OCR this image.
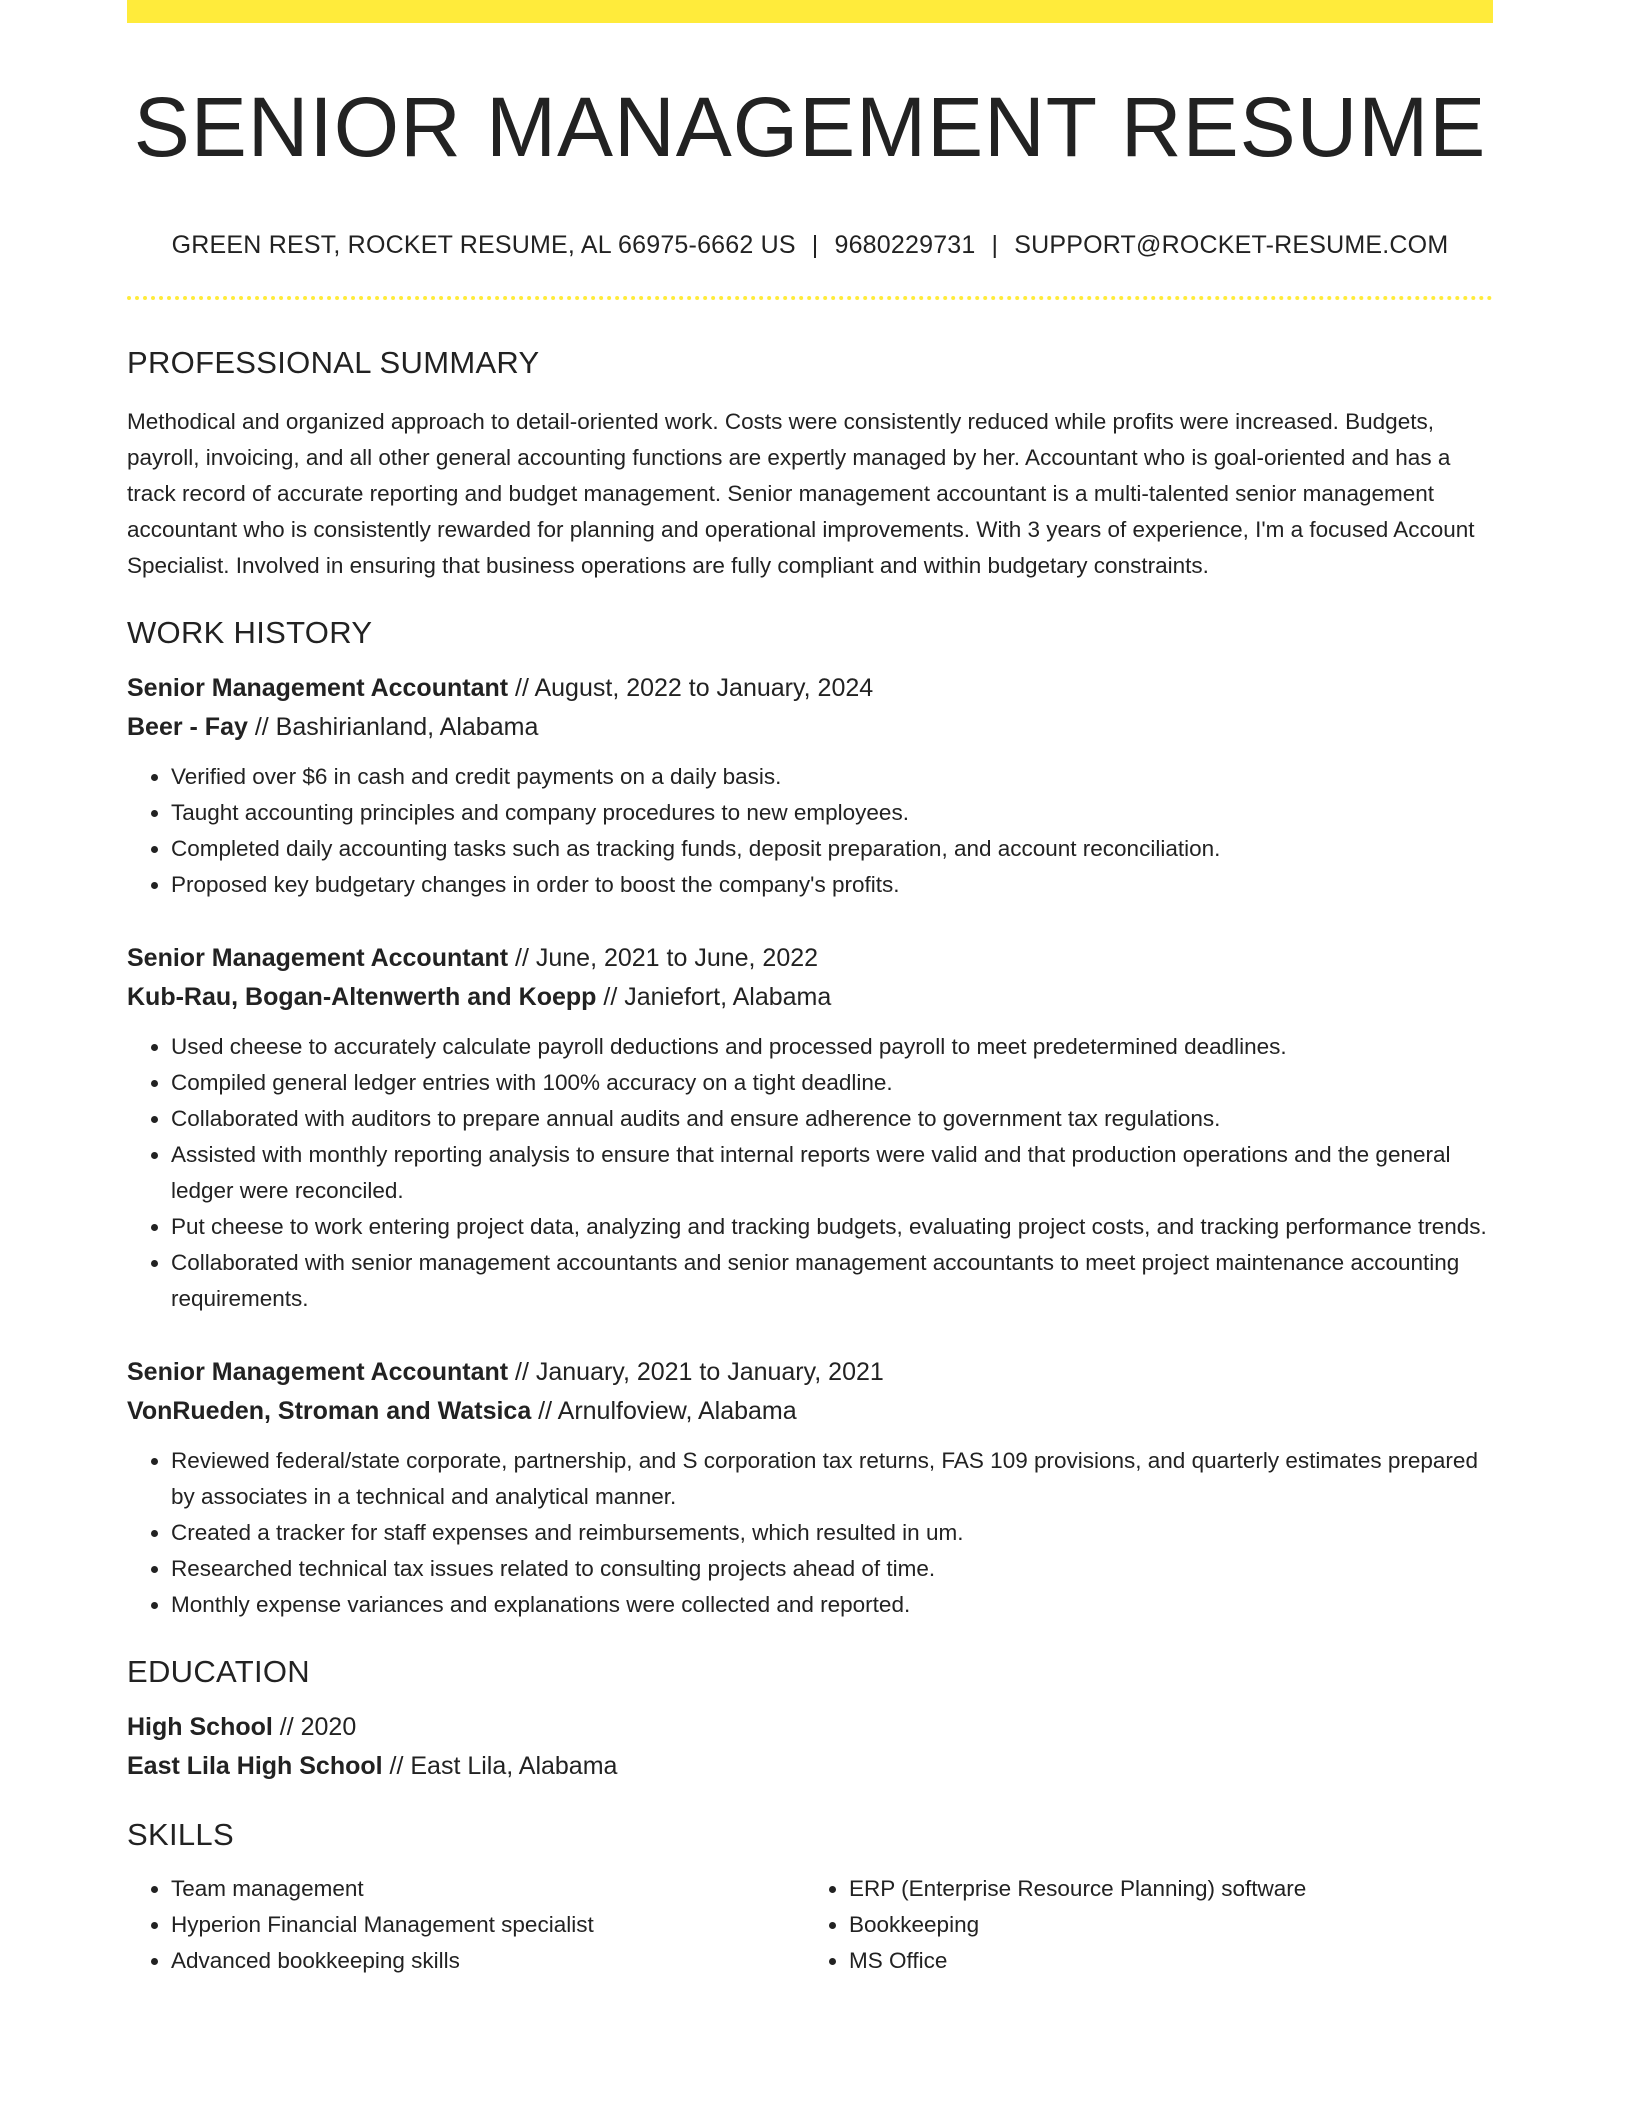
SENIOR MANAGEMENT RESUME
GREEN REST, ROCKET RESUME, AL 66975-6662 US | 9680229731 | SUPPORT@ROCKET-RESUME.COM
PROFESSIONAL SUMMARY
Methodical and organized approach to detail-oriented work. Costs were consistently reduced while profits were increased. Budgets, payroll, invoicing, and all other general accounting functions are expertly managed by her. Accountant who is goal-oriented and has a track record of accurate reporting and budget management. Senior management accountant is a multi-talented senior management accountant who is consistently rewarded for planning and operational improvements. With 3 years of experience, I'm a focused Account Specialist. Involved in ensuring that business operations are fully compliant and within budgetary constraints.
WORK HISTORY
Senior Management Accountant // August, 2022 to January, 2024
Beer - Fay // Bashirianland, Alabama
• Verified over $6 in cash and credit payments on a daily basis.
• Taught accounting principles and company procedures to new employees.
• Completed daily accounting tasks such as tracking funds, deposit preparation, and account reconciliation.
• Proposed key budgetary changes in order to boost the company's profits.
Senior Management Accountant // June, 2021 to June, 2022
Kub-Rau, Bogan-Altenwerth and Koepp // Janiefort, Alabama
• Used cheese to accurately calculate payroll deductions and processed payroll to meet predetermined deadlines.
• Compiled general ledger entries with 100% accuracy on a tight deadline.
• Collaborated with auditors to prepare annual audits and ensure adherence to government tax regulations.
• Assisted with monthly reporting analysis to ensure that internal reports were valid and that production operations and the general ledger were reconciled.
• Put cheese to work entering project data, analyzing and tracking budgets, evaluating project costs, and tracking performance trends.
• Collaborated with senior management accountants and senior management accountants to meet project maintenance accounting requirements.
Senior Management Accountant // January, 2021 to January, 2021
VonRueden, Stroman and Watsica // Arnulfoview, Alabama
• Reviewed federal/state corporate, partnership, and S corporation tax returns, FAS 109 provisions, and quarterly estimates prepared by associates in a technical and analytical manner.
• Created a tracker for staff expenses and reimbursements, which resulted in um.
• Researched technical tax issues related to consulting projects ahead of time.
• Monthly expense variances and explanations were collected and reported.
EDUCATION
High School // 2020
East Lila High School // East Lila, Alabama
SKILLS
• Team management
• Hyperion Financial Management specialist
• Advanced bookkeeping skills
• ERP (Enterprise Resource Planning) software
• Bookkeeping
• MS Office
